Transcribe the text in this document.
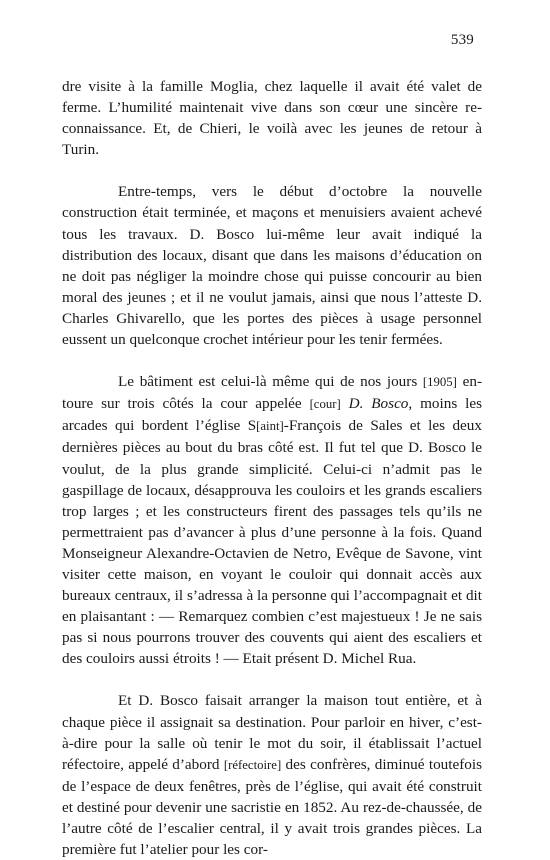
539

dre visite à la famille Moglia, chez laquelle il avait été valet de ferme. L’humilité maintenait vive dans son cœur une sincère reconnaissance. Et, de Chieri, le voilà avec les jeunes de retour à Turin.

Entre-temps, vers le début d’octobre la nouvelle construction était terminée, et maçons et menuisiers avaient achevé tous les travaux. D. Bosco lui-même leur avait indiqué la distribution des locaux, disant que dans les maisons d’éducation on ne doit pas négliger la moindre chose qui puisse concourir au bien moral des jeunes ; et il ne voulut jamais, ainsi que nous l’atteste D. Charles Ghivarello, que les portes des pièces à usage personnel eussent un quelconque crochet intérieur pour les tenir fermées.

Le bâtiment est celui-là même qui de nos jours [1905] entoure sur trois côtés la cour appelée [cour] D. Bosco, moins les arcades qui bordent l’église S[aint]-François de Sales et les deux dernières pièces au bout du bras côté est. Il fut tel que D. Bosco le voulut, de la plus grande simplicité. Celui-ci n’admit pas le gaspillage de locaux, désapprouva les couloirs et les grands escaliers trop larges ; et les constructeurs firent des passages tels qu’ils ne permettraient pas d’avancer à plus d’une personne à la fois. Quand Monseigneur Alexandre-Octavien de Netro, Evêque de Savone, vint visiter cette maison, en voyant le couloir qui donnait accès aux bureaux centraux, il s’adressa à la personne qui l’accompagnait et dit en plaisantant : — Remarquez combien c’est majestueux ! Je ne sais pas si nous pourrons trouver des couvents qui aient des escaliers et des couloirs aussi étroits ! — Etait présent D. Michel Rua.

Et D. Bosco faisait arranger la maison tout entière, et à chaque pièce il assignait sa destination. Pour parloir en hiver, c’est-à-dire pour la salle où tenir le mot du soir, il établissait l’actuel réfectoire, appelé d’abord [réfectoire] des confrères, diminué toutefois de l’espace de deux fenêtres, près de l’église, qui avait été construit et destiné pour devenir une sacristie en 1852. Au rez-de-chaussée, de l’autre côté de l’escalier central, il y avait trois grandes pièces. La première fut l’atelier pour les cor-
